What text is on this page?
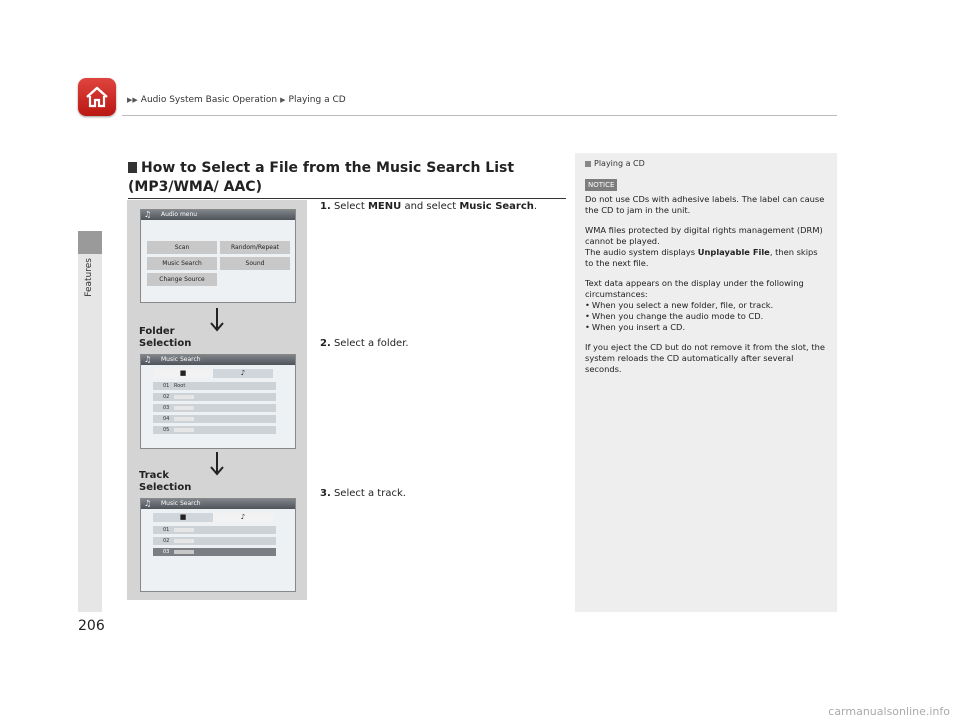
▶▶ Audio System Basic Operation ▶ Playing a CD
Features
206
How to Select a File from the Music Search List (MP3/WMA/ AAC)
♫ Audio menu
Scan	Random/Repeat
Music Search	Sound
Change Source
Folder
Selection
♫ Music Search
■	♪
01 Root
02
03
04
05
Track
Selection
♫ Music Search
■	♪
01
02
03
1. Select MENU and select Music Search.
2. Select a folder.
3. Select a track.
Playing a CD
NOTICE

Do not use CDs with adhesive labels. The label can cause the CD to jam in the unit.

WMA files protected by digital rights management (DRM) cannot be played.
The audio system displays Unplayable File, then skips to the next file.

Text data appears on the display under the following circumstances:
• When you select a new folder, file, or track.
• When you change the audio mode to CD.
• When you insert a CD.

If you eject the CD but do not remove it from the slot, the system reloads the CD automatically after several seconds.

carmanualsonline.info
